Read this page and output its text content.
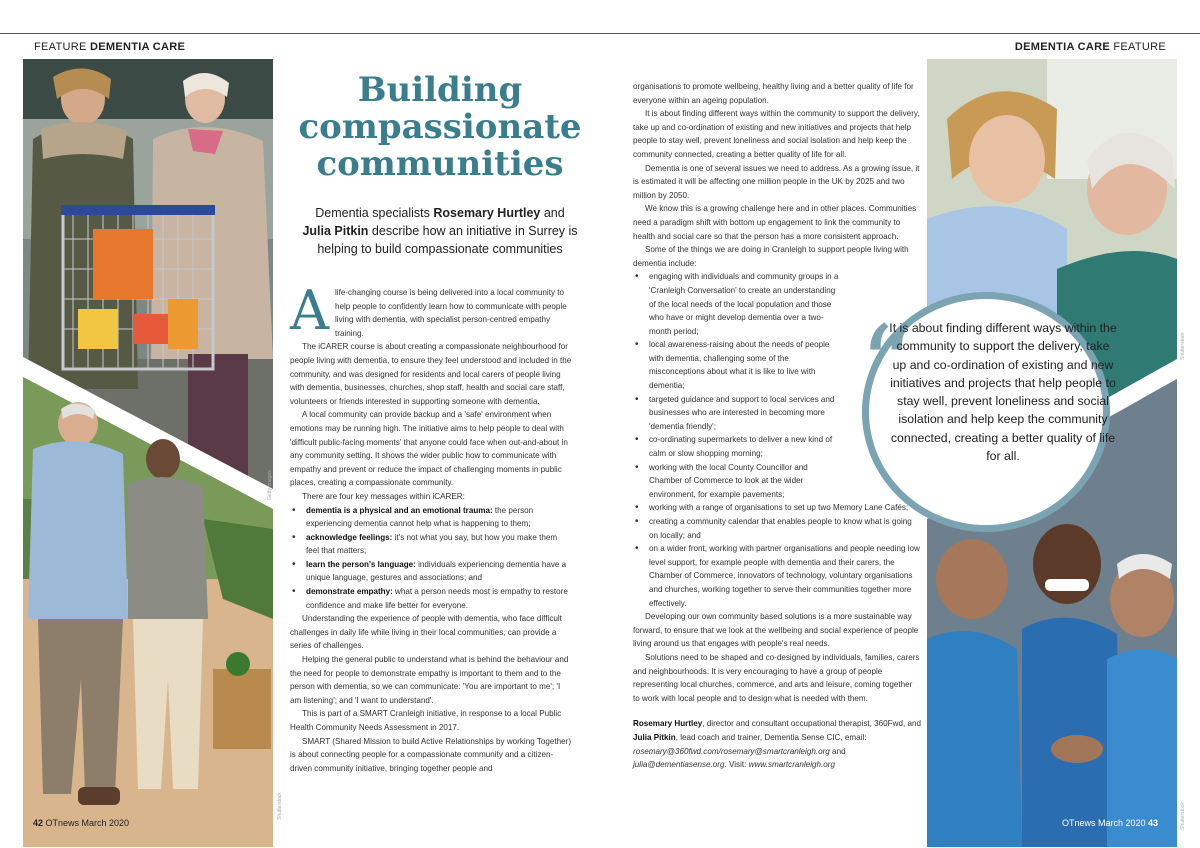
FEATURE DEMENTIA CARE	DEMENTIA CARE FEATURE
Getty Images
Shutterstock
Building
compassionate
communities
Dementia specialists Rosemary Hurtley and
Julia Pitkin describe how an initiative in Surrey is helping to build compassionate communities

Alife-changing course is being delivered into a local community to help people to confidently learn how to communicate with people living with dementia, with specialist person-centred empathy training.

The iCARER course is about creating a compassionate neighbourhood for people living with dementia, to ensure they feel understood and included in the community, and was designed for residents and local carers of people living with dementia, businesses, churches, shop staff, health and social care staff, volunteers or friends interested in supporting someone with dementia.

A local community can provide backup and a 'safe' environment when emotions may be running high. The initiative aims to help people to deal with 'difficult public-facing moments' that anyone could face when out-and-about in any community setting. It shows the wider public how to communicate with empathy and prevent or reduce the impact of challenging moments in public places, creating a compassionate community.

There are four key messages within iCARER:

• dementia is a physical and an emotional trauma: the person experiencing dementia cannot help what is happening to them;
• acknowledge feelings: it's not what you say, but how you make them feel that matters;
• learn the person's language: individuals experiencing dementia have a unique language, gestures and associations; and
• demonstrate empathy: what a person needs most is empathy to restore confidence and make life better for everyone.

Understanding the experience of people with dementia, who face difficult challenges in daily life while living in their local communities, can provide a series of challenges.

Helping the general public to understand what is behind the behaviour and the need for people to demonstrate empathy is important to them and to the person with dementia, so we can communicate: 'You are important to me'; 'I am listening'; and 'I want to understand'.

This is part of a SMART Cranleigh initiative, in response to a local Public Health Community Needs Assessment in 2017.

SMART (Shared Mission to build Active Relationships by working Together) is about connecting people for a compassionate community and a citizen-driven community initiative, bringing together people and

organisations to promote wellbeing, healthy living and a better quality of life for everyone within an ageing population.

It is about finding different ways within the community to support the delivery, take up and co-ordination of existing and new initiatives and projects that help people to stay well, prevent loneliness and social isolation and help keep the community connected, creating a better quality of life for all.

Dementia is one of several issues we need to address. As a growing issue, it is estimated it will be affecting one million people in the UK by 2025 and two million by 2050.

We know this is a growing challenge here and in other places. Communities need a paradigm shift with bottom up engagement to link the community to health and social care so that the person has a more consistent approach.

Some of the things we are doing in Cranleigh to support people living with dementia include:

• engaging with individuals and community groups in a 'Cranleigh Conversation' to create an understanding of the local needs of the local population and those who have or might develop dementia over a two-month period;
• local awareness-raising about the needs of people with dementia, challenging some of the misconceptions about what it is like to live with dementia;
• targeted guidance and support to local services and businesses who are interested in becoming more 'dementia friendly';
• co-ordinating supermarkets to deliver a new kind of calm or slow shopping morning;
• working with the local County Councillor and Chamber of Commerce to look at the wider environment, for example pavements;
• working with a range of organisations to set up two Memory Lane Cafés;
• creating a community calendar that enables people to know what is going on locally; and
• on a wider front, working with partner organisations and people needing low level support, for example people with dementia and their carers, the Chamber of Commerce, innovators of technology, voluntary organisations and churches, working together to serve their communities together more effectively.

Developing our own community based solutions is a more sustainable way forward, to ensure that we look at the wellbeing and social experience of people living around us that engages with people's real needs.

Solutions need to be shaped and co-designed by individuals, families, carers and neighbourhoods. It is very encouraging to have a group of people representing local churches, commerce, and arts and leisure, coming together to work with local people and to design what is needed with them.

Rosemary Hurtley, director and consultant occupational therapist, 360Fwd, and Julia Pitkin, lead coach and trainer, Dementia Sense CIC, email: rosemary@360fwd.com/rosemary@smartcranleigh.org and julia@dementiasense.org. Visit: www.smartcranleigh.org

Shutterstock
Shutterstock
“
It is about finding different ways within the community to support the delivery, take up and co-ordination of existing and new initiatives and projects that help people to stay well, prevent loneliness and social isolation and help keep the community connected, creating a better quality of life for all.
42 OTnews March 2020	OTnews March 2020 43
